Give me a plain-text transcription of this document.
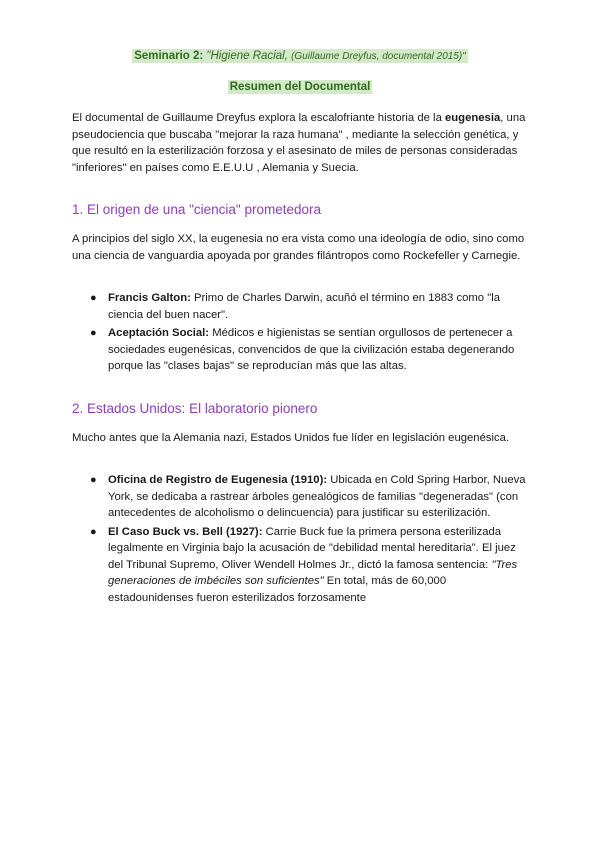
Seminario 2: "Higiene Racial, (Guillaume Dreyfus, documental 2015)"
Resumen del Documental

El documental de Guillaume Dreyfus explora la escalofriante historia de la eugenesia, una pseudociencia que buscaba "mejorar la raza humana" , mediante la selección genética, y que resultó en la esterilización forzosa y el asesinato de miles de personas consideradas "inferiores" en países como E.E.U.U , Alemania y Suecia.

1. El origen de una "ciencia" prometedora

A principios del siglo XX, la eugenesia no era vista como una ideología de odio, sino como una ciencia de vanguardia apoyada por grandes filántropos como Rockefeller y Carnegie.

● Francis Galton: Primo de Charles Darwin, acuñó el término en 1883 como "la ciencia del buen nacer".
● Aceptación Social: Médicos e higienistas se sentían orgullosos de pertenecer a sociedades eugenésicas, convencidos de que la civilización estaba degenerando porque las "clases bajas" se reproducían más que las altas.
2. Estados Unidos: El laboratorio pionero

Mucho antes que la Alemania nazi, Estados Unidos fue líder en legislación eugenésica.

● Oficina de Registro de Eugenesia (1910): Ubicada en Cold Spring Harbor, Nueva York, se dedicaba a rastrear árboles genealógicos de familias "degeneradas" (con antecedentes de alcoholismo o delincuencia) para justificar su esterilización.
● El Caso Buck vs. Bell (1927): Carrie Buck fue la primera persona esterilizada legalmente en Virginia bajo la acusación de "debilidad mental hereditaria". El juez del Tribunal Supremo, Oliver Wendell Holmes Jr., dictó la famosa sentencia: "Tres generaciones de imbéciles son suficientes" En total, más de 60,000 estadounidenses fueron esterilizados forzosamente
